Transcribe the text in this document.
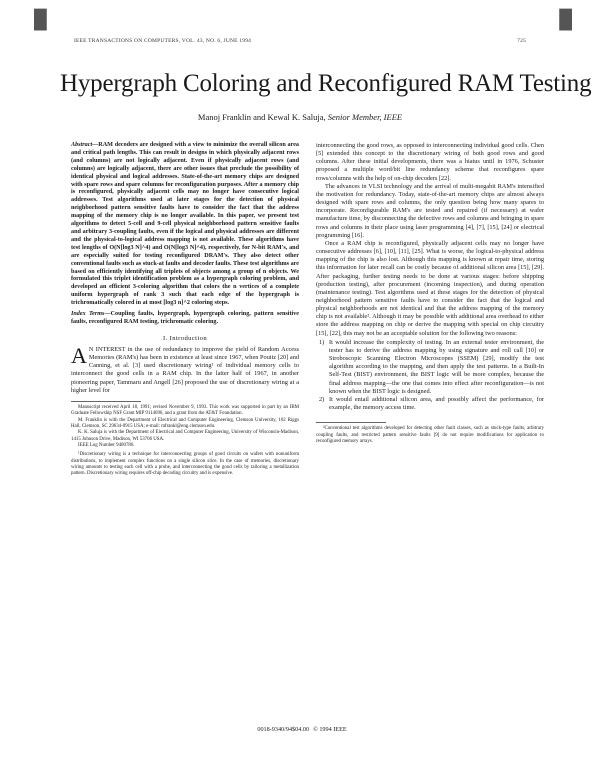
█	█
IEEE TRANSACTIONS ON COMPUTERS, VOL. 43, NO. 6, JUNE 1994	725
Hypergraph Coloring and Reconfigured RAM Testing
Manoj Franklin and Kewal K. Saluja, Senior Member, IEEE

Abstract—RAM decoders are designed with a view to minimize the overall silicon area and critical path lengths. This can result in designs in which physically adjacent rows (and columns) are not logically adjacent. Even if physically adjacent rows (and columns) are logically adjacent, there are other issues that preclude the possibility of identical physical and logical addresses. State-of-the-art memory chips are designed with spare rows and spare columns for reconfiguration purposes. After a memory chip is reconfigured, physically adjacent cells may no longer have consecutive logical addresses. Test algorithms used at later stages for the detection of physical neighborhood pattern sensitive faults have to consider the fact that the address mapping of the memory chip is no longer available. In this paper, we present test algorithms to detect 5-cell and 9-cell physical neighborhood pattern sensitive faults and arbitrary 3-coupling faults, even if the logical and physical addresses are different and the physical-to-logical address mapping is not available. These algorithms have test lengths of O(N[log3 N]^4) and O(N[log3 N]^4), respectively, for N-bit RAM's, and are especially suited for testing reconfigured DRAM's. They also detect other conventional faults such as stuck-at faults and decoder faults. These test algorithms are based on efficiently identifying all triplets of objects among a group of n objects. We formulated this triplet identification problem as a hypergraph coloring problem, and developed an efficient 3-coloring algorithm that colors the n vertices of a complete uniform hypergraph of rank 3 such that each edge of the hypergraph is trichromatically colored in at most [log3 n]^2 coloring steps.

Index Terms—Coupling faults, hypergraph, hypergraph coloring, pattern sensitive faults, reconfigured RAM testing, trichromatic coloring.

I. Introduction

A N INTEREST in the use of redundancy to improve the yield of Random Access Memories (RAM's) has been in existence at least since 1967, when Pouitz [20] and Canning, et al. [3] used discretionary wiring¹ of individual memory cells to interconnect the good cells in a RAM chip. In the latter half of 1967, in another pioneering paper, Tammaru and Angell [26] proposed the use of discretionary wiring at a higher level for

Manuscript received April 18, 1991; revised November 9, 1993. This work was supported in part by an IBM Graduate Fellowship NSF Grant MIP 9114696, and a grant from the AT&T Foundation.

M. Franklin is with the Department of Electrical and Computer Engineering, Clemson University, 102 Riggs Hall, Clemson, SC 29634-0915 USA; e-mail: mfrankl@eng.clemson.edu.

K. K. Saluja is with the Department of Electrical and Computer Engineering, University of Wisconsin-Madison, 1415 Johnson Drive, Madison, WI 53706 USA.

IEEE Log Number 9400786.

¹Discretionary wiring is a technique for interconnecting groups of good circuits on wafers with nonuniform distributions, to implement complex functions on a single silicon slice. In the case of memories, discretionary wiring amounts to testing each cell with a probe, and interconnecting the good cells by tailoring a metallization pattern. Discretionary wiring requires off-chip decoding circuitry and is expensive.

interconnecting the good rows, as opposed to interconnecting individual good cells. Chen [5] extended this concept to the discretionary wiring of both good rows and good columns. After these initial developments, there was a hiatus until in 1976, Schuster proposed a multiple word/bit line redundancy scheme that reconfigures spare rows/columns with the help of on-chip decoders [22].

The advances in VLSI technology and the arrival of multi-megabit RAM's intensified the motivation for redundancy. Today, state-of-the-art memory chips are almost always designed with spare rows and columns, the only question being how many spares to incorporate. Reconfigurable RAM's are tested and repaired (if necessary) at wafer manufacture time, by disconnecting the defective rows and columns and bringing in spare rows and columns in their place using laser programming [4], [7], [15], [24] or electrical programming [16].

Once a RAM chip is reconfigured, physically adjacent cells may no longer have consecutive addresses [6], [10], [11], [25]. What is worse, the logical-to-physical address mapping of the chip is also lost. Although this mapping is known at repair time, storing this information for later recall can be costly because of additional silicon area [15], [29]. After packaging, further testing needs to be done at various stages: before shipping (production testing), after procurement (incoming inspection), and during operation (maintenance testing). Test algorithms used at these stages for the detection of physical neighborhood pattern sensitive faults have to consider the fact that the logical and physical neighborhoods are not identical and that the address mapping of the memory chip is not available². Although it may be possible with additional area overhead to either store the address mapping on chip or derive the mapping with special on chip circuitry [15], [22], this may not be an acceptable solution for the following two reasons:

1) It would increase the complexity of testing. In an external tester environment, the tester has to derive the address mapping by using signature and roll call [10] or Stroboscopic Scanning Electron Microscopes (SSEM) [29], modify the test algorithm according to the mapping, and then apply the test patterns. In a Built-In Self-Test (BIST) environment, the BIST logic will be more complex, because the final address mapping—the one that comes into effect after reconfiguration—is not known when the BIST logic is designed.
2) It would entail additional silicon area, and possibly affect the performance, for example, the memory access time.

²Conventional test algorithms developed for detecting other fault classes, such as stuck-type faults, arbitrary coupling faults, and restricted pattern sensitive faults [9] do not require modifications for application to reconfigured memory arrays.

0018-9340/94$04.00 © 1994 IEEE
